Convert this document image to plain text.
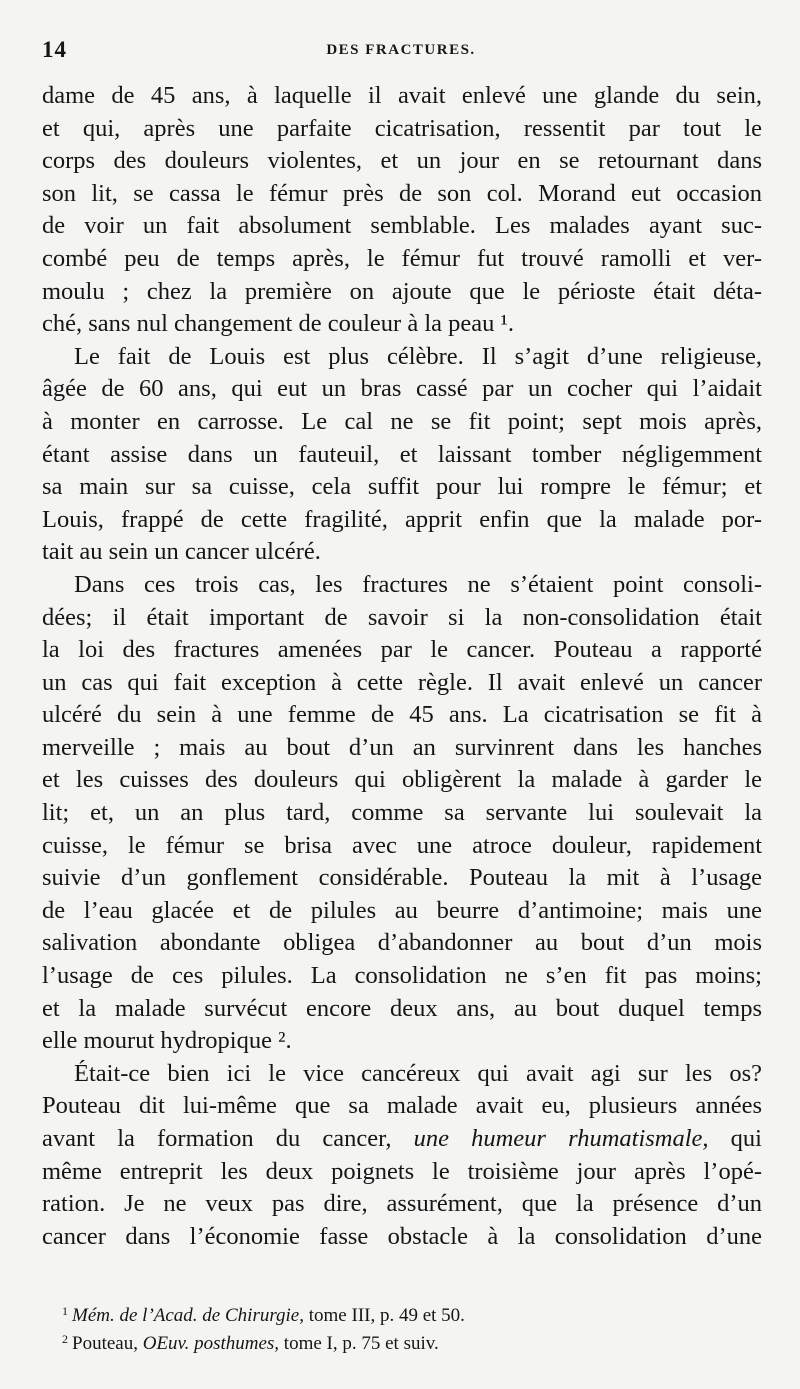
14	DES FRACTURES.
dame de 45 ans, à laquelle il avait enlevé une glande du sein,
et qui, après une parfaite cicatrisation, ressentit par tout le
corps des douleurs violentes, et un jour en se retournant dans
son lit, se cassa le fémur près de son col. Morand eut occasion
de voir un fait absolument semblable. Les malades ayant suc-
combé peu de temps après, le fémur fut trouvé ramolli et ver-
moulu ; chez la première on ajoute que le périoste était déta-
ché, sans nul changement de couleur à la peau ¹.
Le fait de Louis est plus célèbre. Il s’agit d’une religieuse,
âgée de 60 ans, qui eut un bras cassé par un cocher qui l’aidait
à monter en carrosse. Le cal ne se fit point; sept mois après,
étant assise dans un fauteuil, et laissant tomber négligemment
sa main sur sa cuisse, cela suffit pour lui rompre le fémur; et
Louis, frappé de cette fragilité, apprit enfin que la malade por-
tait au sein un cancer ulcéré.
Dans ces trois cas, les fractures ne s’étaient point consoli-
dées; il était important de savoir si la non-consolidation était
la loi des fractures amenées par le cancer. Pouteau a rapporté
un cas qui fait exception à cette règle. Il avait enlevé un cancer
ulcéré du sein à une femme de 45 ans. La cicatrisation se fit à
merveille ; mais au bout d’un an survinrent dans les hanches
et les cuisses des douleurs qui obligèrent la malade à garder le
lit; et, un an plus tard, comme sa servante lui soulevait la
cuisse, le fémur se brisa avec une atroce douleur, rapidement
suivie d’un gonflement considérable. Pouteau la mit à l’usage
de l’eau glacée et de pilules au beurre d’antimoine; mais une
salivation abondante obligea d’abandonner au bout d’un mois
l’usage de ces pilules. La consolidation ne s’en fit pas moins;
et la malade survécut encore deux ans, au bout duquel temps
elle mourut hydropique ².
Était-ce bien ici le vice cancéreux qui avait agi sur les os?
Pouteau dit lui-même que sa malade avait eu, plusieurs années
avant la formation du cancer, une humeur rhumatismale, qui
même entreprit les deux poignets le troisième jour après l’opé-
ration. Je ne veux pas dire, assurément, que la présence d’un
cancer dans l’économie fasse obstacle à la consolidation d’une
$^1$ Mém. de l’Acad. de Chirurgie, tome III, p. 49 et 50.
$^2$ Pouteau, OEuv. posthumes, tome I, p. 75 et suiv.
